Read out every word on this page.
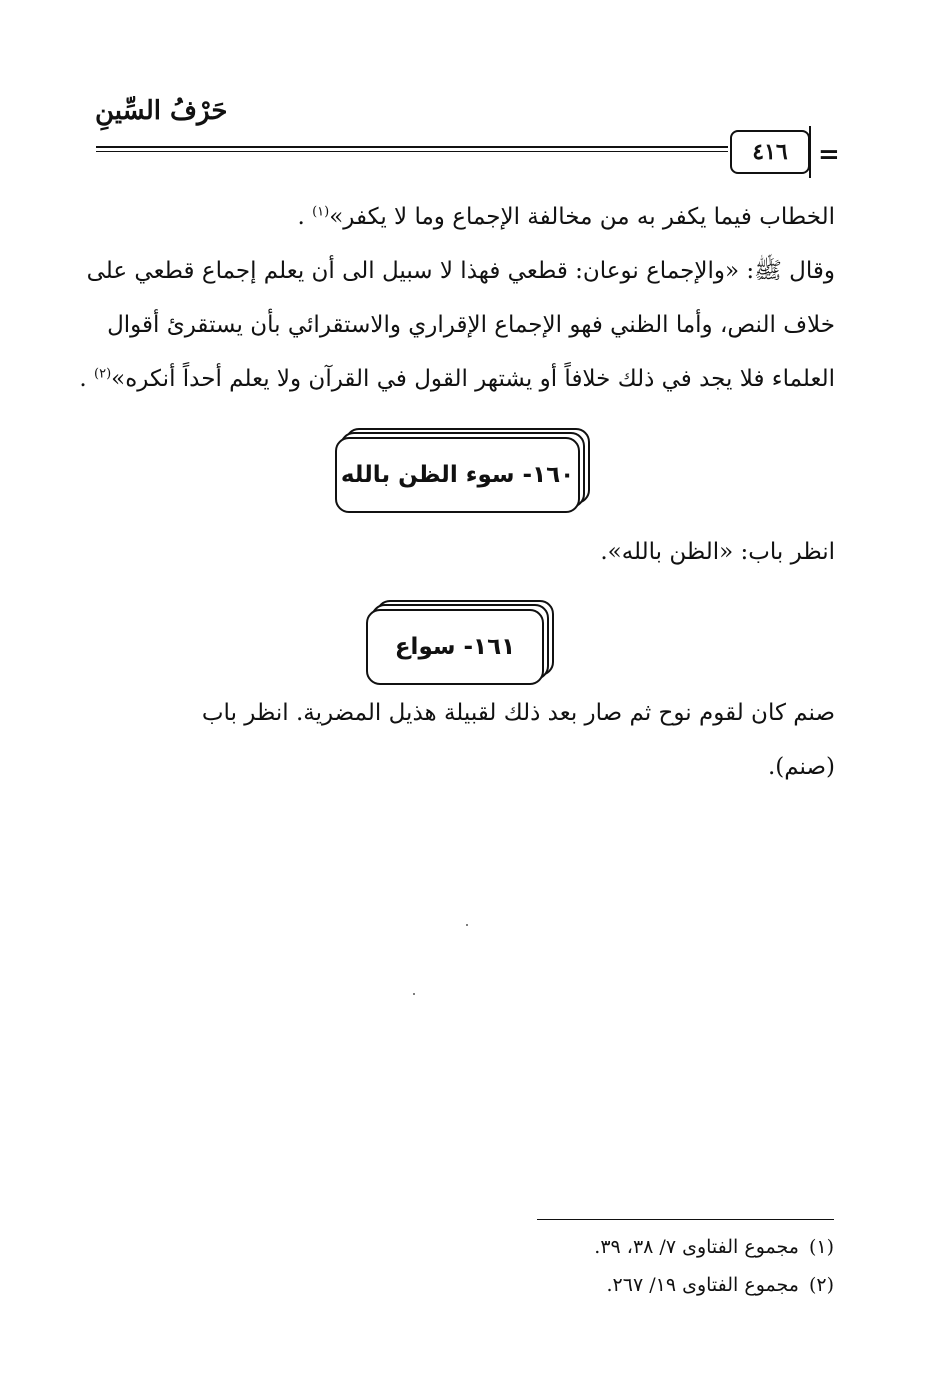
حَرْفُ السِّينِ
٤١٦	=
الخطاب فيما يكفر به من مخالفة الإجماع وما لا يكفر»$^{(١)}$ .
وقال ﷺ: «والإجماع نوعان: قطعي فهذا لا سبيل الى أن يعلم إجماع قطعي على
خلاف النص، وأما الظني فهو الإجماع الإقراري والاستقرائي بأن يستقرئ أقوال
العلماء فلا يجد في ذلك خلافاً أو يشتهر القول في القرآن ولا يعلم أحداً أنكره»$^{(٢)}$ .
١٦٠- سوء الظن بالله
انظر باب: «الظن بالله».
١٦١- سواع
صنم كان لقوم نوح ثم صار بعد ذلك لقبيلة هذيل المضرية. انظر باب
(صنم).
(١)مجموع الفتاوى ٧/ ٣٨، ٣٩.
(٢)مجموع الفتاوى ١٩/ ٢٦٧.
